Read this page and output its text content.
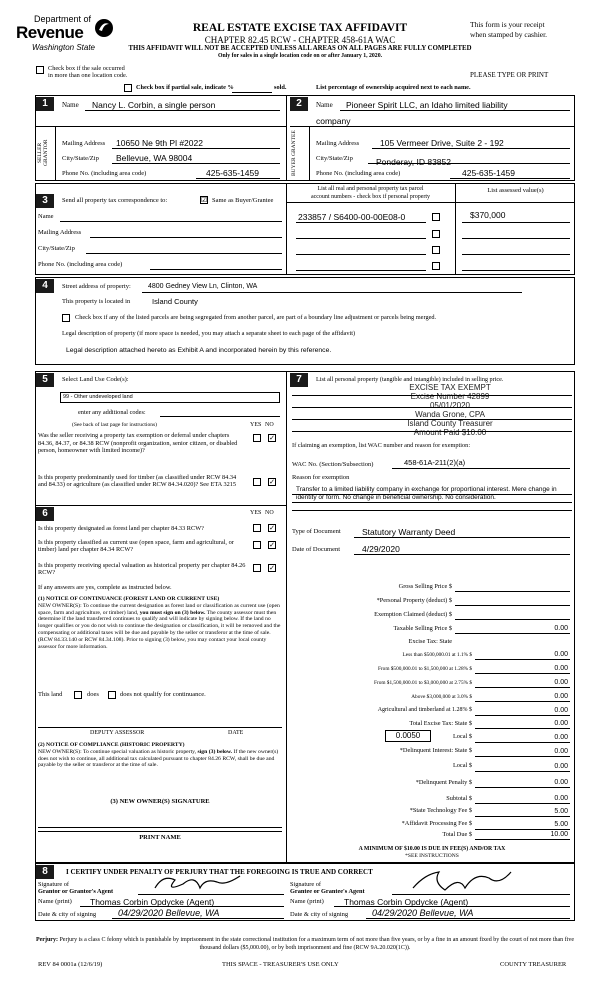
Department of
Revenue
Washington State
REAL ESTATE EXCISE TAX AFFIDAVIT
CHAPTER 82.45 RCW - CHAPTER 458-61A WAC
This form is your receipt
when stamped by cashier.
THIS AFFIDAVIT WILL NOT BE ACCEPTED UNLESS ALL AREAS ON ALL PAGES ARE FULLY COMPLETED
Only for sales in a single location code on or after January 1, 2020.
PLEASE TYPE OR PRINT
Check box if the sale occurred
in more than one location code.
Check box if partial sale, indicate %	sold.	List percentage of ownership acquired next to each name.
1	Name Nancy L. Corbin, a single person
SELLER GRANTOR Mailing Address 10650 Ne 9th Pl #2022
City/State/Zip Bellevue, WA 98004
Phone No. (including area code)	425-635-1459
2	Name Pioneer Spirit LLC, an Idaho limited liability
company
BUYER GRANTEE	Mailing Address 105 Vermeer Drive, Suite 2 - 192
City/State/Zip	Ponderay, ID 83852
Phone No. (including area code)	425-635-1459
3	Send all property tax correspondence to:	☑ Same as Buyer/Grantee
Name
Mailing Address
City/State/Zip
Phone No. (including area code)
List all real and personal property tax parcel
account numbers - check box if personal property
List assessed value(s)
233857 / S6400-00-00E08-0	$370,000
4	Street address of property: 4800 Gedney View Ln, Clinton, WA
This property is located in	Island County
Check box if any of the listed parcels are being segregated from another parcel, are part of a boundary line adjustment or parcels being merged.
Legal description of property (if more space is needed, you may attach a separate sheet to each page of the affidavit)
Legal description attached hereto as Exhibit A and incorporated herein by this reference.
5	Select Land Use Code(s):
99 - Other undeveloped land
enter any additional codes:
(See back of last page for instructions)	YES NO
Was the seller receiving a property tax exemption or deferral under chapters 84.36, 84.37, or 84.38 RCW (nonprofit organization, senior citizen, or disabled person, homeowner with limited income)?
✓
Is this property predominantly used for timber (as classified under RCW 84.34 and 84.33) or agriculture (as classified under RCW 84.34.020)? See ETA 3215	✓
6	YES NO
Is this property designated as forest land per chapter 84.33 RCW?	✓
Is this property classified as current use (open space, farm and agricultural, or timber) land per chapter 84.34 RCW?
✓
Is this property receiving special valuation as historical property per chapter 84.26 RCW?
✓
If any answers are yes, complete as instructed below.
(1) NOTICE OF CONTINUANCE (FOREST LAND OR CURRENT USE)
NEW OWNER(S): To continue the current designation as forest land or classification as current use (open space, farm and agriculture, or timber) land, you must sign on (3) below. The county assessor must then determine if the land transferred continues to qualify and will indicate by signing below. If the land no longer qualifies or you do not wish to continue the designation or classification, it will be removed and the compensating or additional taxes will be due and payable by the seller or transferor at the time of sale. (RCW 84.33.140 or RCW 84.34.108). Prior to signing (3) below, you may contact your local county assessor for more information.
This land	does	does not qualify for continuance.
DEPUTY ASSESSOR	DATE
(2) NOTICE OF COMPLIANCE (HISTORIC PROPERTY)
NEW OWNER(S): To continue special valuation as historic property, sign (3) below. If the new owner(s) does not wish to continue, all additional tax calculated pursuant to chapter 84.26 RCW, shall be due and payable by the seller or transferor at the time of sale.
(3) NEW OWNER(S) SIGNATURE
PRINT NAME
7	List all personal property (tangible and intangible) included in selling price.
EXCISE TAX EXEMPT
Excise Number 42899
05/01/2020
Wanda Grone, CPA
Island County Treasurer
Amount Paid $10.00
If claiming an exemption, list WAC number and reason for exemption:
WAC No. (Section/Subsection)	458-61A-211(2)(a)
Reason for exemption
Transfer to a limited liability company in exchange for proportional interest. Mere change in identity or form. No change in beneficial ownership. No consideration.
Type of Document	Statutory Warranty Deed
Date of Document	4/29/2020
Gross Selling Price $
*Personal Property (deduct) $
Exemption Claimed (deduct) $
Taxable Selling Price $	0.00
Excise Tax: State
Less than $500,000.01 at 1.1% $	0.00
From $500,000.01 to $1,500,000 at 1.28% $	0.00
From $1,500,000.01 to $3,000,000 at 2.75% $	0.00
Above $3,000,000 at 3.0% $	0.00
Agricultural and timberland at 1.28% $	0.00
Total Excise Tax: State $	0.00
0.0050	Local $	0.00
*Delinquent Interest: State $	0.00
Local $	0.00
*Delinquent Penalty $	0.00
Subtotal $	0.00
*State Technology Fee $	5.00
*Affidavit Processing Fee $	5.00
Total Due $	10.00
A MINIMUM OF $10.00 IS DUE IN FEE(S) AND/OR TAX
*SEE INSTRUCTIONS
8	I CERTIFY UNDER PENALTY OF PERJURY THAT THE FOREGOING IS TRUE AND CORRECT
Signature of
Grantor or Grantor's Agent
Signature of
Grantee or Grantee's Agent
Name (print) Thomas Corbin Opdycke (Agent)	Name (print) Thomas Corbin Opdycke (Agent)
Date & city of signing 04/29/2020 Bellevue, WA	Date & city of signing	04/29/2020 Bellevue, WA
Perjury: Perjury is a class C felony which is punishable by imprisonment in the state correctional institution for a maximum term of not more than five years, or by a fine in an amount fixed by the court of not more than five thousand dollars ($5,000.00), or by both imprisonment and fine (RCW 9A.20.020(1C)).
REV 84 0001a (12/6/19)	THIS SPACE - TREASURER'S USE ONLY	COUNTY TREASURER
